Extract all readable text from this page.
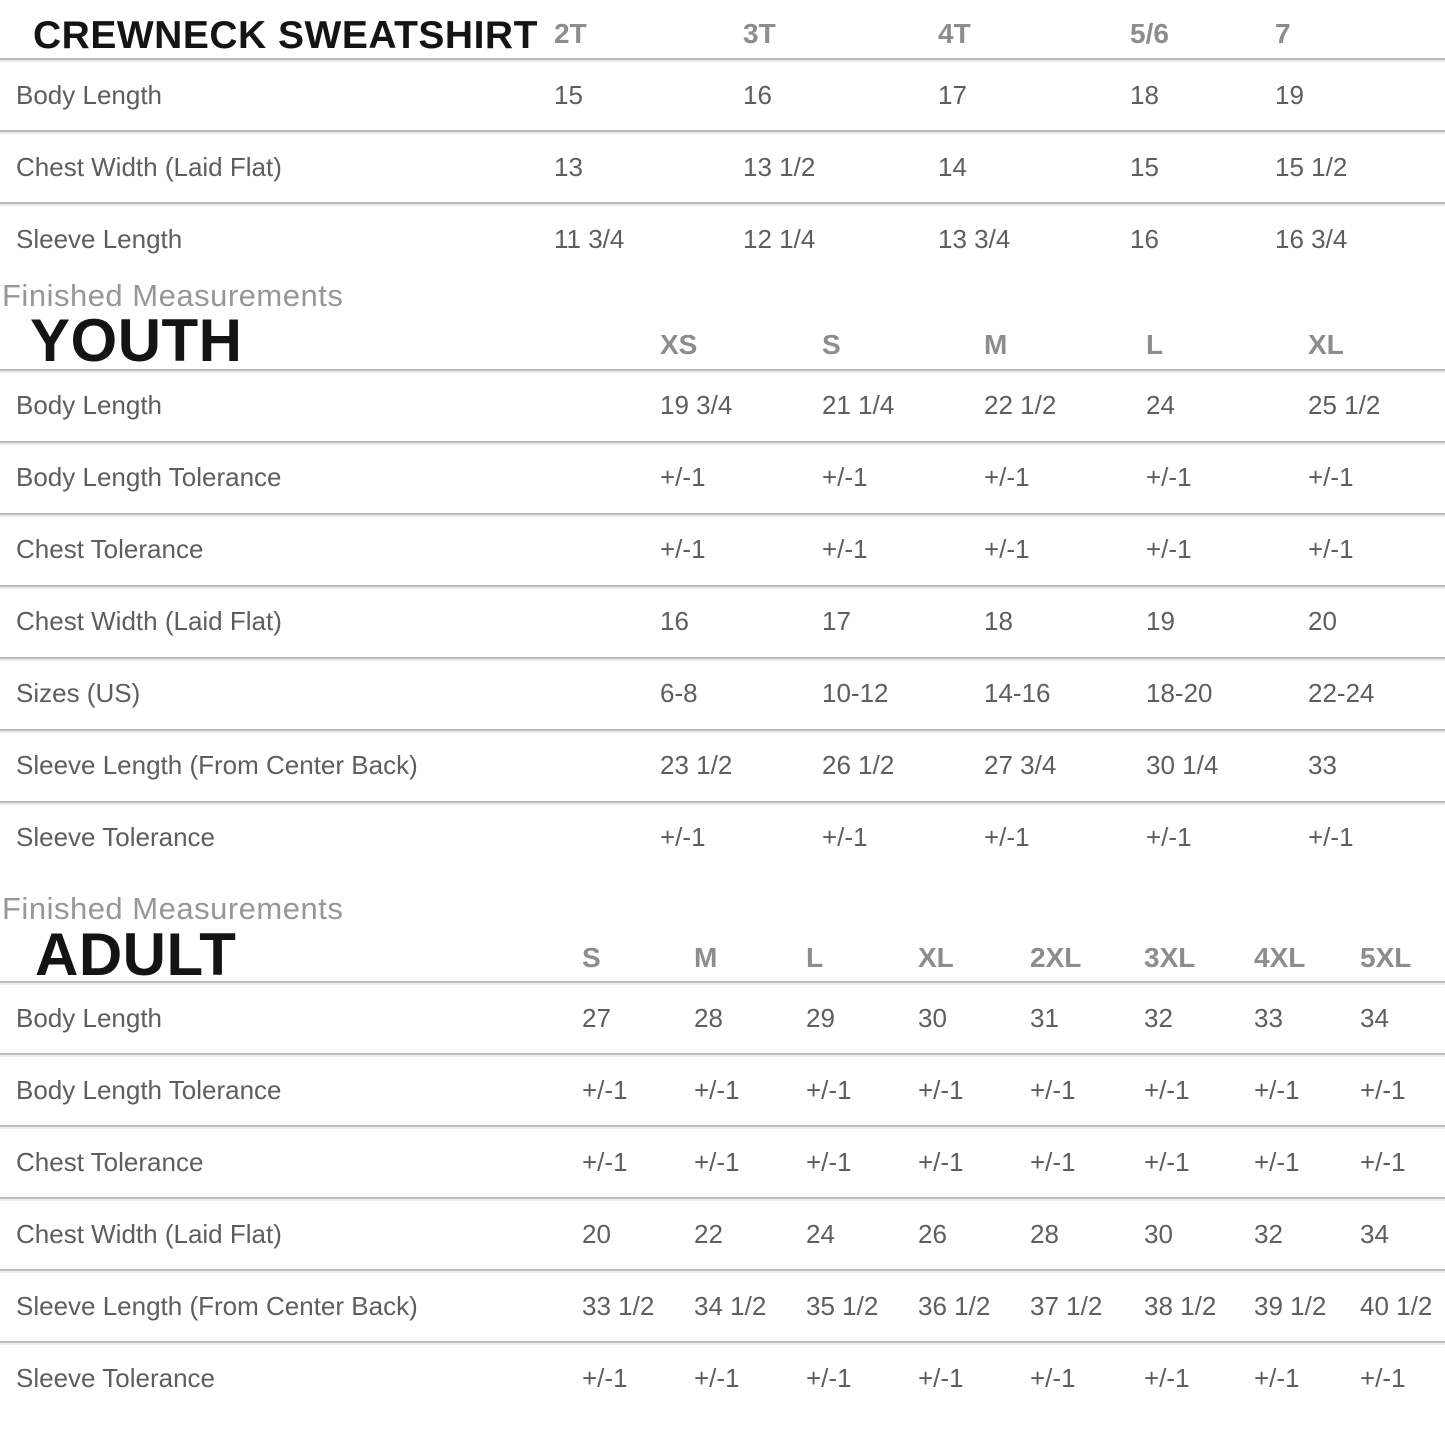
CREWNECK SWEATSHIRT 2T	3T	4T	5/6	7
Body Length	15	16	17	18	19
Chest Width (Laid Flat)	13	13 1/2	14	15	15 1/2
Sleeve Length	11 3/4	12 1/4	13 3/4	16	16 3/4

Finished Measurements

YOUTH	XS	S	M	L	XL
Body Length	19 3/4	21 1/4	22 1/2	24	25 1/2
Body Length Tolerance	+/-1	+/-1	+/-1	+/-1	+/-1
Chest Tolerance	+/-1	+/-1	+/-1	+/-1	+/-1
Chest Width (Laid Flat)	16	17	18	19	20
Sizes (US)	6-8	10-12	14-16	18-20	22-24
Sleeve Length (From Center Back)	23 1/2	26 1/2	27 3/4	30 1/4	33
Sleeve Tolerance	+/-1	+/-1	+/-1	+/-1	+/-1

Finished Measurements

ADULT	S	M	L	XL	2XL	3XL	4XL	5XL
Body Length	27	28	29	30	31	32	33	34
Body Length Tolerance	+/-1	+/-1	+/-1	+/-1	+/-1	+/-1	+/-1	+/-1
Chest Tolerance	+/-1	+/-1	+/-1	+/-1	+/-1	+/-1	+/-1	+/-1
Chest Width (Laid Flat)	20	22	24	26	28	30	32	34
Sleeve Length (From Center Back)	33 1/2	34 1/2	35 1/2	36 1/2	37 1/2	38 1/2	39 1/2	40 1/2
Sleeve Tolerance	+/-1	+/-1	+/-1	+/-1	+/-1	+/-1	+/-1	+/-1
